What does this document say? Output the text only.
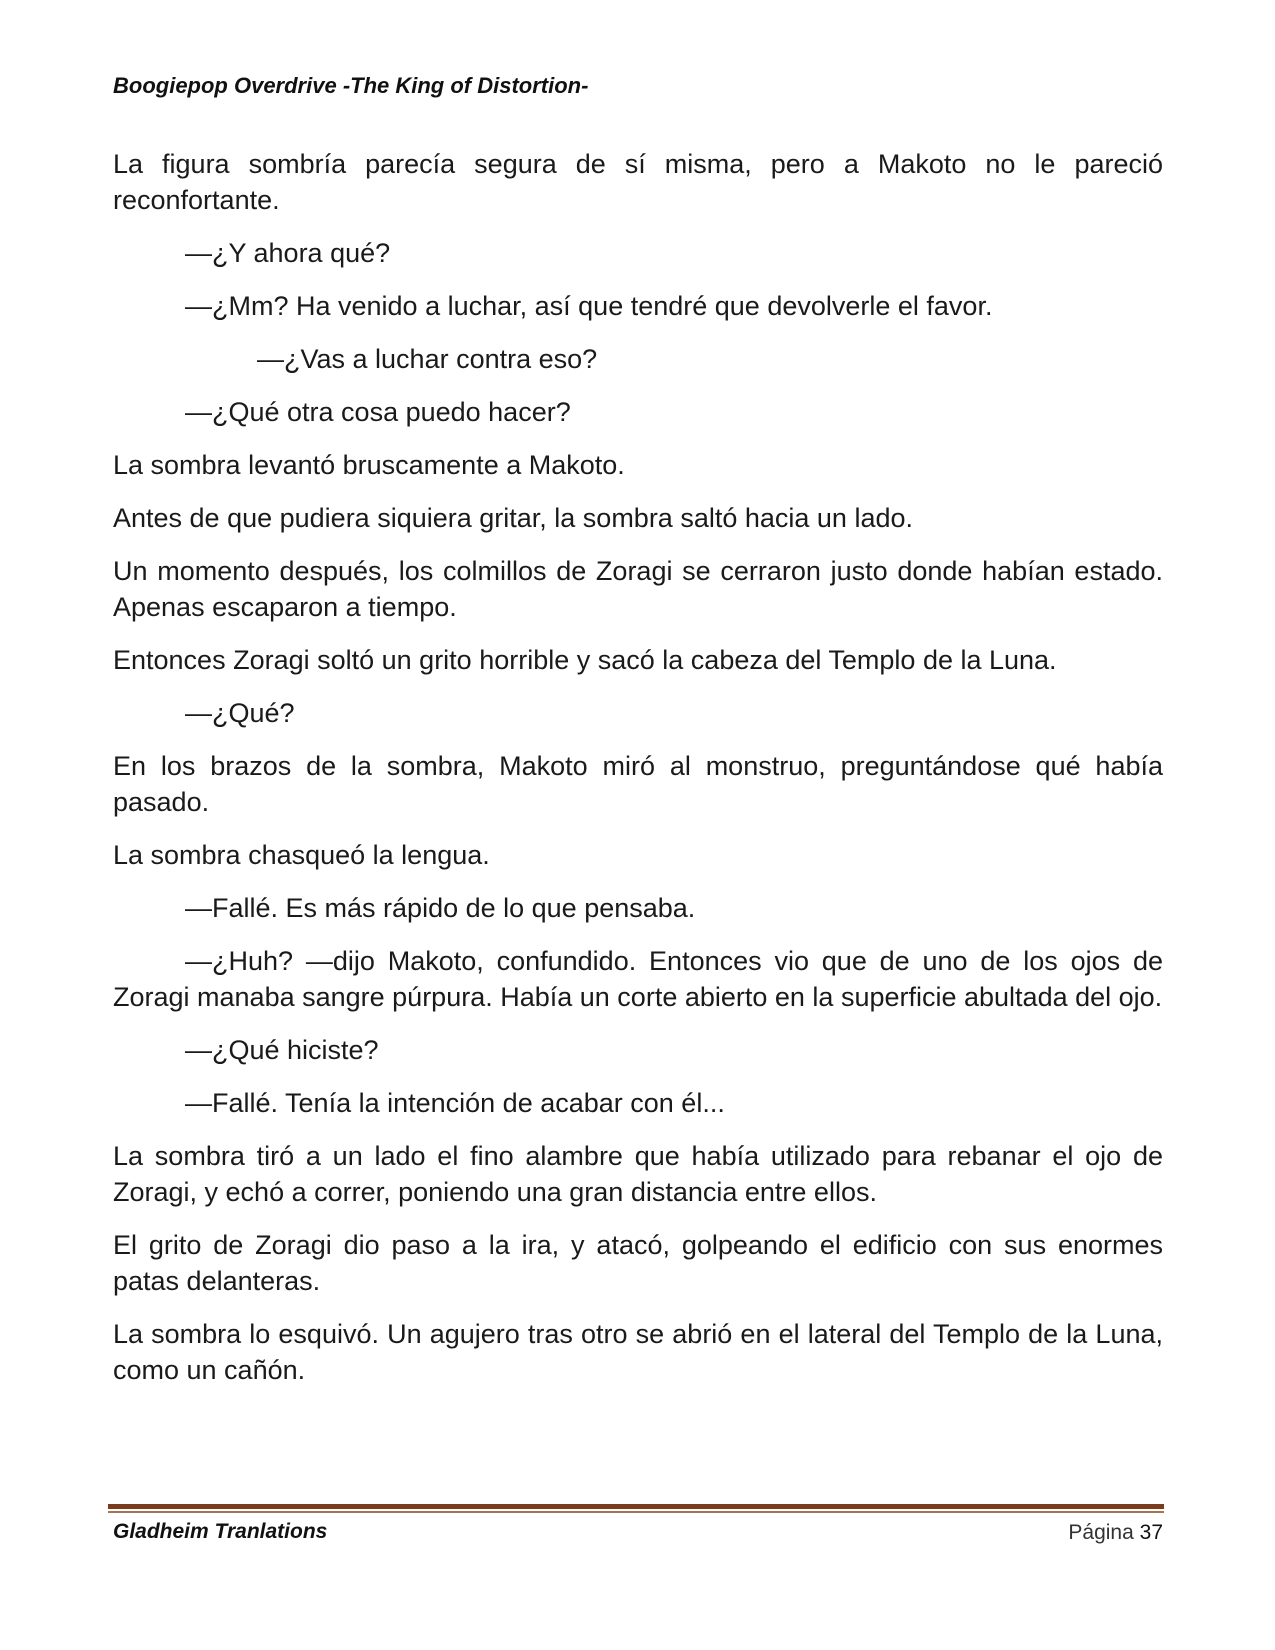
Boogiepop Overdrive -The King of Distortion-

La figura sombría parecía segura de sí misma, pero a Makoto no le pareció reconfortante.

—¿Y ahora qué?

—¿Mm? Ha venido a luchar, así que tendré que devolverle el favor.

—¿Vas a luchar contra eso?

—¿Qué otra cosa puedo hacer?

La sombra levantó bruscamente a Makoto.

Antes de que pudiera siquiera gritar, la sombra saltó hacia un lado.

Un momento después, los colmillos de Zoragi se cerraron justo donde habían estado. Apenas escaparon a tiempo.

Entonces Zoragi soltó un grito horrible y sacó la cabeza del Templo de la Luna.

—¿Qué?

En los brazos de la sombra, Makoto miró al monstruo, preguntándose qué había pasado.

La sombra chasqueó la lengua.

—Fallé. Es más rápido de lo que pensaba.

—¿Huh? —dijo Makoto, confundido. Entonces vio que de uno de los ojos de Zoragi manaba sangre púrpura. Había un corte abierto en la superficie abultada del ojo.

—¿Qué hiciste?

—Fallé. Tenía la intención de acabar con él...

La sombra tiró a un lado el fino alambre que había utilizado para rebanar el ojo de Zoragi, y echó a correr, poniendo una gran distancia entre ellos.

El grito de Zoragi dio paso a la ira, y atacó, golpeando el edificio con sus enormes patas delanteras.

La sombra lo esquivó. Un agujero tras otro se abrió en el lateral del Templo de la Luna, como un cañón.

Gladheim Tranlations	Página 37
